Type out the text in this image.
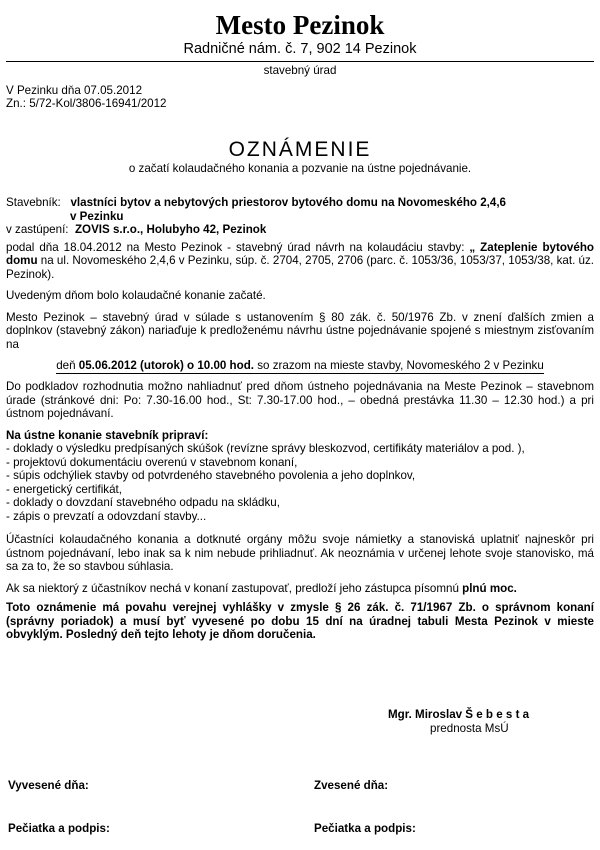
Mesto Pezinok
Radničné nám. č. 7, 902 14 Pezinok
stavebný úrad
V Pezinku dňa 07.05.2012
Zn.: 5/72-Kol/3806-16941/2012
OZNÁMENIE
o začatí kolaudačného konania a pozvanie na ústne pojednávanie.

Stavebník: vlastníci bytov a nebytových priestorov bytového domu na Novomeského 2,4,6

v Pezinku

v zastúpení: ZOVIS s.r.o., Holubyho 42, Pezinok

podal dňa 18.04.2012 na Mesto Pezinok - stavebný úrad návrh na kolaudáciu stavby: „ Zateplenie bytového domu na ul. Novomeského 2,4,6 v Pezinku, súp. č. 2704, 2705, 2706 (parc. č. 1053/36, 1053/37, 1053/38, kat. úz. Pezinok).

Uvedeným dňom bolo kolaudačné konanie začaté.

Mesto Pezinok – stavebný úrad v súlade s ustanovením § 80 zák. č. 50/1976 Zb. v znení ďalších zmien a doplnkov (stavebný zákon) nariaďuje k predloženému návrhu ústne pojednávanie spojené s miestnym zisťovaním na

deň 05.06.2012 (utorok) o 10.00 hod. so zrazom na mieste stavby, Novomeského 2 v Pezinku

Do podkladov rozhodnutia možno nahliadnuť pred dňom ústneho pojednávania na Meste Pezinok – stavebnom úrade (stránkové dni: Po: 7.30-16.00 hod., St: 7.30-17.00 hod., – obedná prestávka 11.30 – 12.30 hod.) a pri ústnom pojednávaní.

Na ústne konanie stavebník pripraví:
- doklady o výsledku predpísaných skúšok (revízne správy bleskozvod, certifikáty materiálov a pod. ),
- projektovú dokumentáciu overenú v stavebnom konaní,
- súpis odchýliek stavby od potvrdeného stavebného povolenia a jeho doplnkov,
- energetický certifikát,
- doklady o dovzdaní stavebného odpadu na skládku,
- zápis o prevzatí a odovzdaní stavby...

Účastníci kolaudačného konania a dotknuté orgány môžu svoje námietky a stanoviská uplatniť najneskôr pri ústnom pojednávaní, lebo inak sa k nim nebude prihliadnuť. Ak neoznámia v určenej lehote svoje stanovisko, má sa za to, že so stavbou súhlasia.

Ak sa niektorý z účastníkov nechá v konaní zastupovať, predloží jeho zástupca písomnú plnú moc.

Toto oznámenie má povahu verejnej vyhlášky v zmysle § 26 zák. č. 71/1967 Zb. o správnom konaní (správny poriadok) a musí byť vyvesené po dobu 15 dní na úradnej tabuli Mesta Pezinok v mieste obvyklým. Posledný deň tejto lehoty je dňom doručenia.

Mgr. Miroslav Š e b e s t a
prednosta MsÚ
Vyvesené dňa:	Zvesené dňa:
Pečiatka a podpis:	Pečiatka a podpis:
